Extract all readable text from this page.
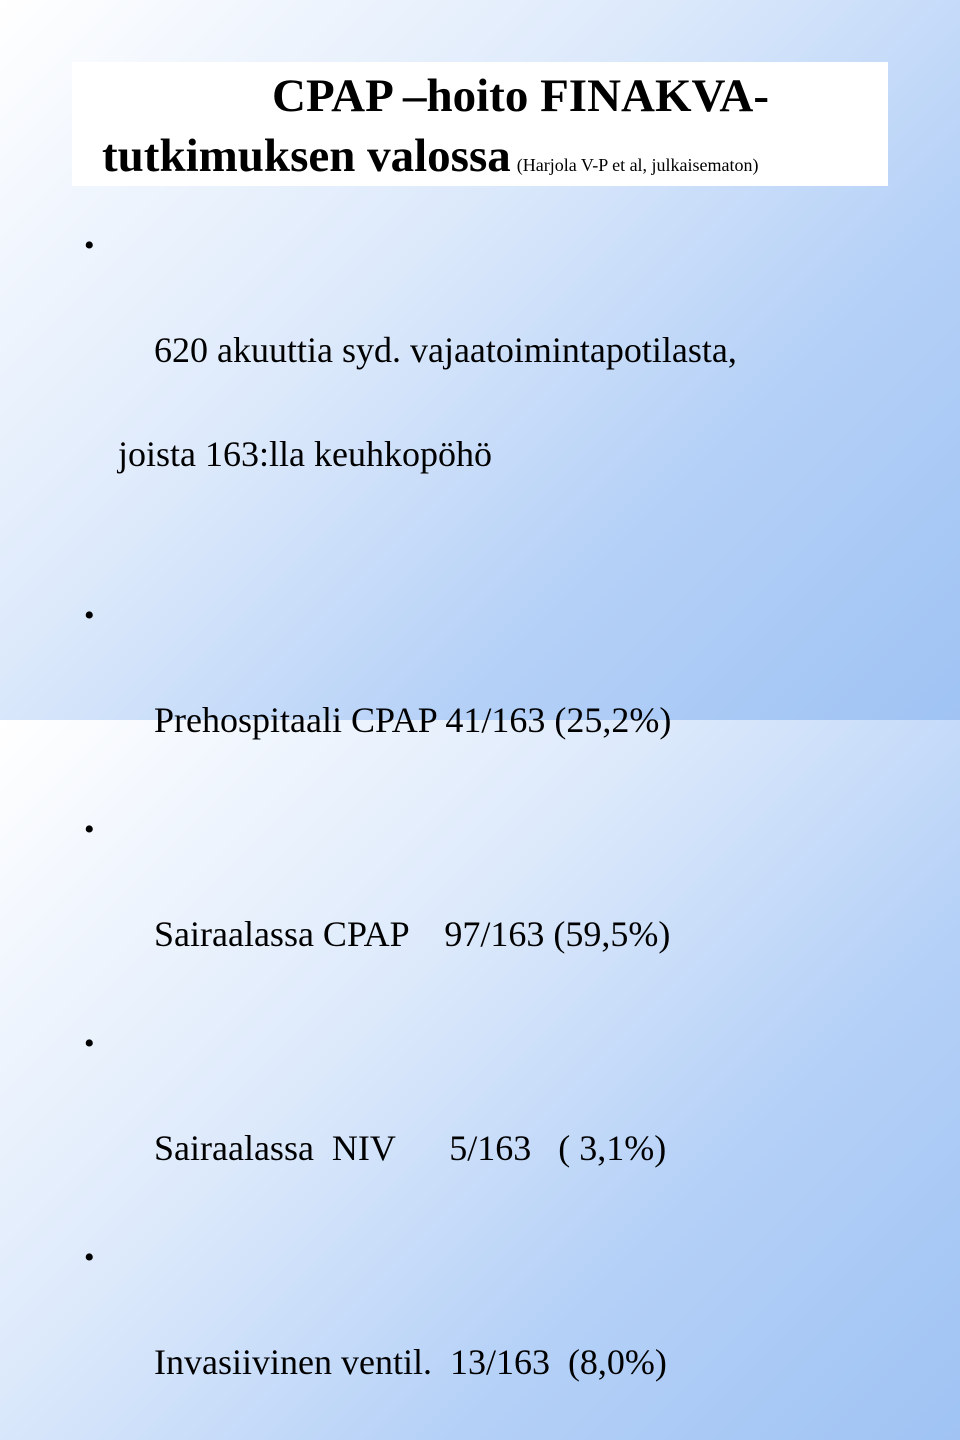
CPAP –hoito FINAKVA-
tutkimuksen valossa (Harjola V-P et al, julkaisematon)

•

620 akuuttia syd. vajaatoimintapotilasta,

joista 163:lla keuhkopöhö

•

Prehospitaali CPAP 41/163 (25,2%)

•

Sairaalassa CPAP    97/163 (59,5%)

•

Sairaalassa  NIV      5/163   ( 3,1%)

•

Invasiivinen ventil.  13/163  (8,0%)
